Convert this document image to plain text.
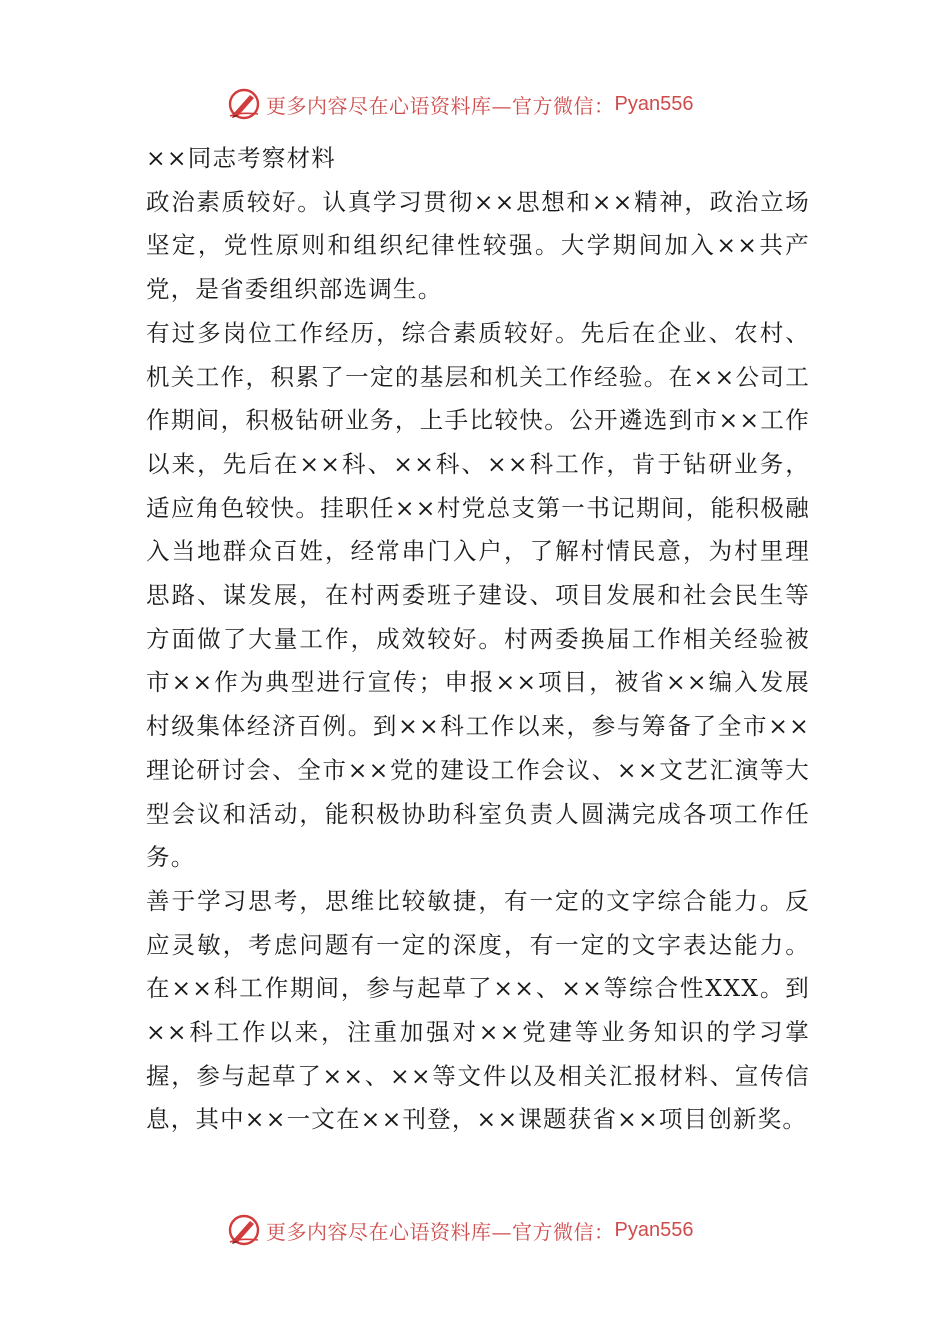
更多内容尽在心语资料库—官方微信： Pyan556

××同志考察材料

政治素质较好。认真学习贯彻××思想和××精神，政治立场坚定，党性原则和组织纪律性较强。大学期间加入××共产党，是省委组织部选调生。

有过多岗位工作经历，综合素质较好。先后在企业、农村、机关工作，积累了一定的基层和机关工作经验。在××公司工作期间，积极钻研业务，上手比较快。公开遴选到市××工作以来，先后在××科、××科、××科工作，肯于钻研业务，适应角色较快。挂职任××村党总支第一书记期间，能积极融入当地群众百姓，经常串门入户，了解村情民意，为村里理思路、谋发展，在村两委班子建设、项目发展和社会民生等方面做了大量工作，成效较好。村两委换届工作相关经验被市××作为典型进行宣传；申报××项目，被省××编入发展村级集体经济百例。到××科工作以来，参与筹备了全市××理论研讨会、全市××党的建设工作会议、××文艺汇演等大型会议和活动，能积极协助科室负责人圆满完成各项工作任务。

善于学习思考，思维比较敏捷，有一定的文字综合能力。反应灵敏，考虑问题有一定的深度，有一定的文字表达能力。在××科工作期间，参与起草了××、××等综合性XXX。到××科工作以来，注重加强对××党建等业务知识的学习掌握，参与起草了××、××等文件以及相关汇报材料、宣传信息，其中××一文在××刊登，××课题获省××项目创新奖。

更多内容尽在心语资料库—官方微信： Pyan556
